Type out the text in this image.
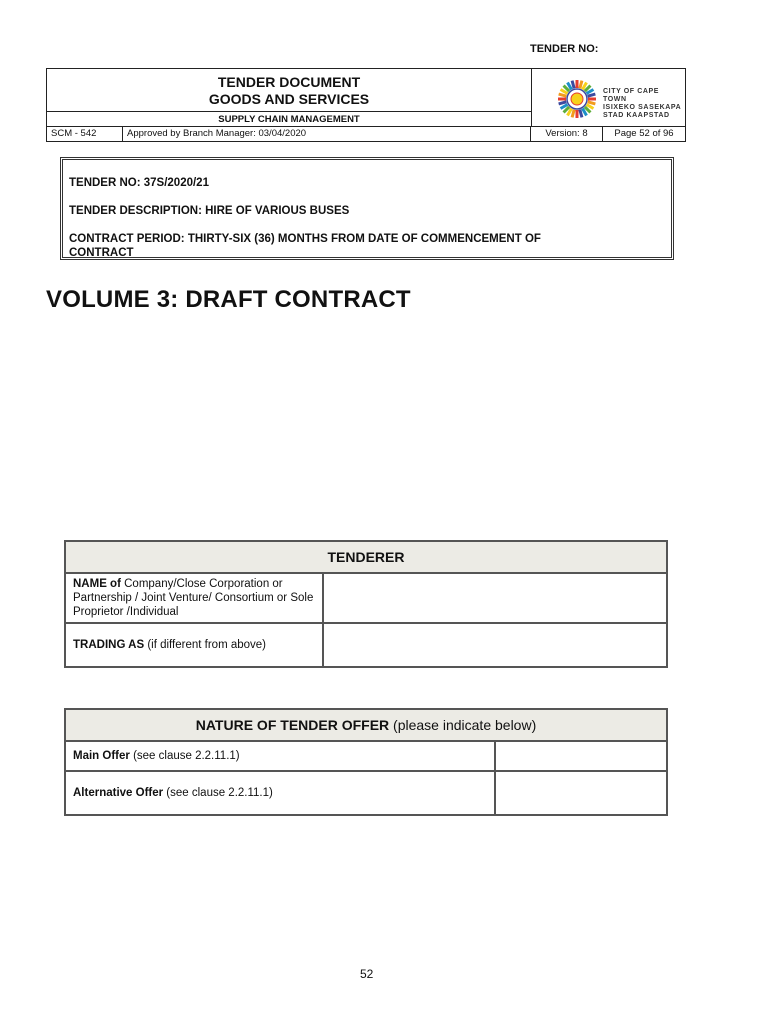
TENDER NO:
TENDER DOCUMENT
GOODS AND SERVICES
SUPPLY CHAIN MANAGEMENT
CITY OF CAPE TOWN
ISIXEKO SASEKAPA
STAD KAAPSTAD
SCM - 542	Approved by Branch Manager: 03/04/2020	Version: 8	Page 52 of 96
TENDER NO: 37S/2020/21
TENDER DESCRIPTION: HIRE OF VARIOUS BUSES
CONTRACT PERIOD: THIRTY-SIX (36) MONTHS FROM DATE OF COMMENCEMENT OF
CONTRACT
VOLUME 3: DRAFT CONTRACT
TENDERER	
NAME of Company/Close Corporation or Partnership / Joint Venture/ Consortium or Sole Proprietor /Individual	
TRADING AS (if different from above)	
NATURE OF TENDER OFFER (please indicate below)	
Main Offer (see clause 2.2.11.1)	
Alternative Offer (see clause 2.2.11.1)	
52
